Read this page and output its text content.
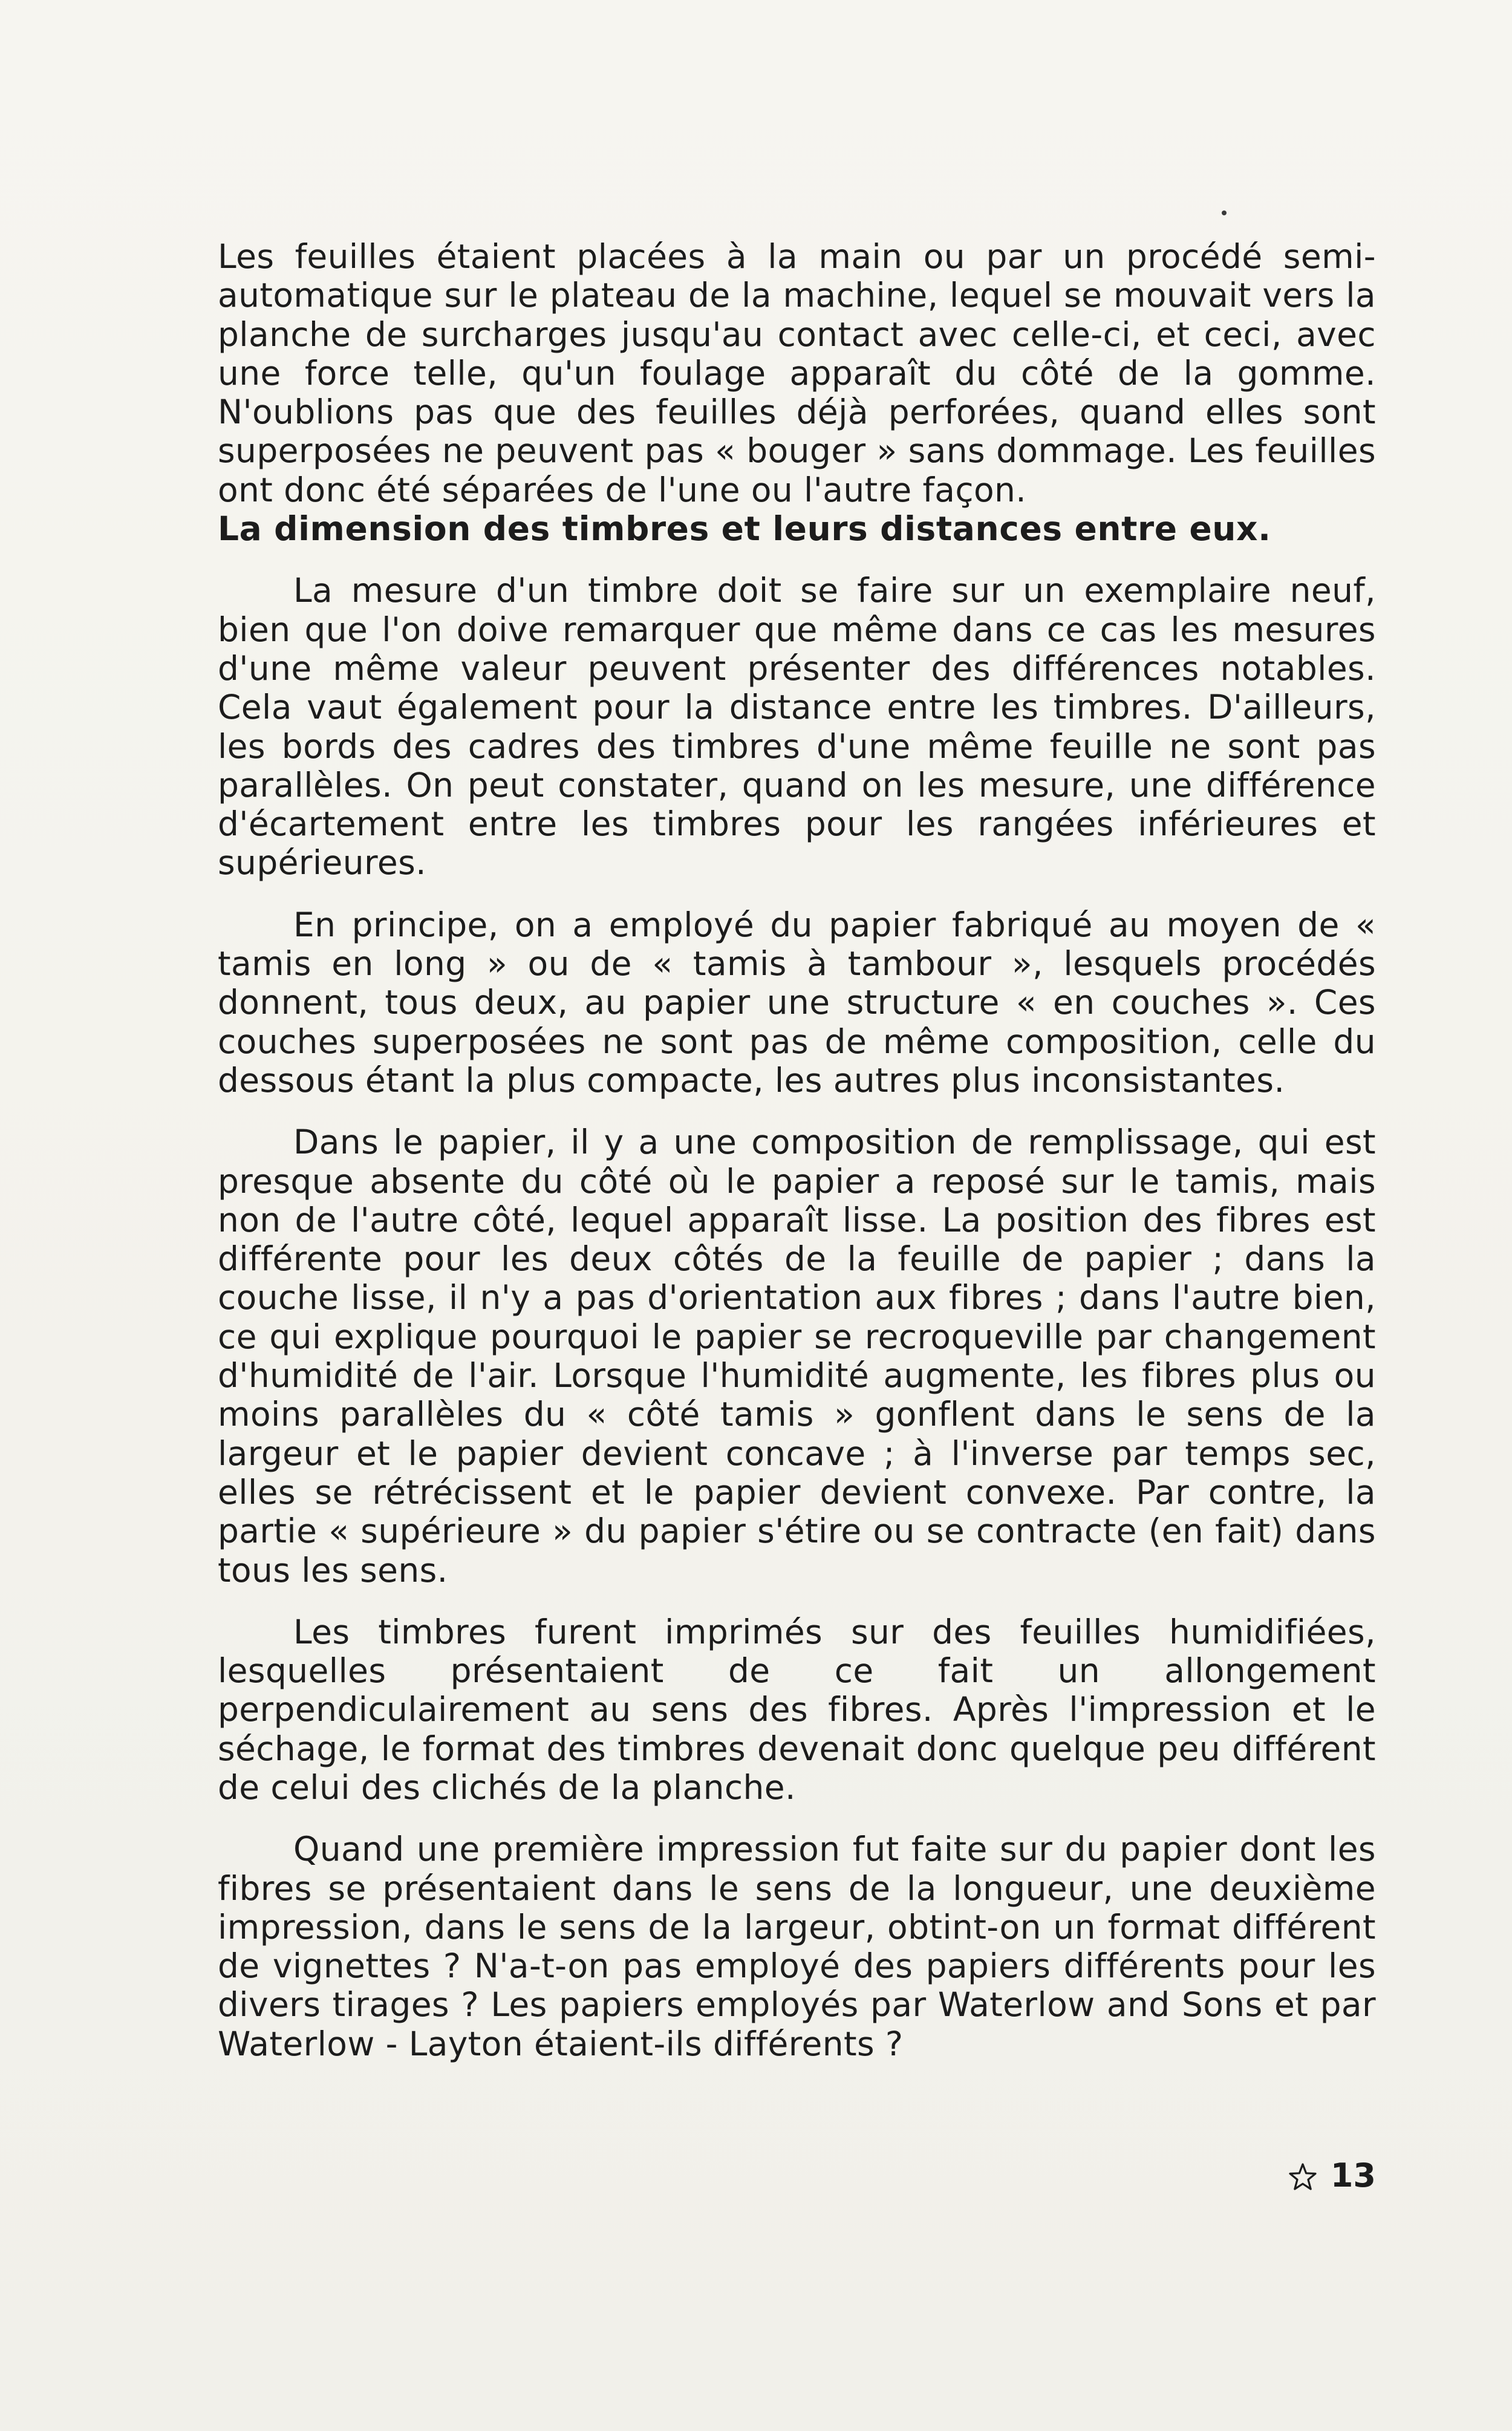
Les feuilles étaient placées à la main ou par un procédé semi-automatique sur le plateau de la machine, lequel se mouvait vers la planche de surcharges jusqu'au contact avec celle-ci, et ceci, avec une force telle, qu'un foulage apparaît du côté de la gomme. N'oublions pas que des feuilles déjà perforées, quand elles sont superposées ne peuvent pas « bouger » sans dommage. Les feuilles ont donc été séparées de l'une ou l'autre façon.

La dimension des timbres et leurs distances entre eux.

La mesure d'un timbre doit se faire sur un exemplaire neuf, bien que l'on doive remarquer que même dans ce cas les mesures d'une même valeur peuvent présenter des différences notables. Cela vaut également pour la distance entre les timbres. D'ailleurs, les bords des cadres des timbres d'une même feuille ne sont pas parallèles. On peut constater, quand on les mesure, une différence d'écartement entre les timbres pour les rangées inférieures et supérieures.

En principe, on a employé du papier fabriqué au moyen de « tamis en long » ou de « tamis à tambour », lesquels procédés donnent, tous deux, au papier une structure « en couches ». Ces couches superposées ne sont pas de même composition, celle du dessous étant la plus compacte, les autres plus inconsistantes.

Dans le papier, il y a une composition de remplissage, qui est presque absente du côté où le papier a reposé sur le tamis, mais non de l'autre côté, lequel apparaît lisse. La position des fibres est différente pour les deux côtés de la feuille de papier ; dans la couche lisse, il n'y a pas d'orientation aux fibres ; dans l'autre bien, ce qui explique pourquoi le papier se recroqueville par changement d'humidité de l'air. Lorsque l'humidité augmente, les fibres plus ou moins parallèles du « côté tamis » gonflent dans le sens de la largeur et le papier devient concave ; à l'inverse par temps sec, elles se rétrécissent et le papier devient convexe. Par contre, la partie « supérieure » du papier s'étire ou se contracte (en fait) dans tous les sens.

Les timbres furent imprimés sur des feuilles humidifiées, lesquelles présentaient de ce fait un allongement perpendiculairement au sens des fibres. Après l'impression et le séchage, le format des timbres devenait donc quelque peu différent de celui des clichés de la planche.

Quand une première impression fut faite sur du papier dont les fibres se présentaient dans le sens de la longueur, une deuxième impression, dans le sens de la largeur, obtint-on un format différent de vignettes ? N'a-t-on pas employé des papiers différents pour les divers tirages ? Les papiers employés par Waterlow and Sons et par Waterlow - Layton étaient-ils différents ?

13
